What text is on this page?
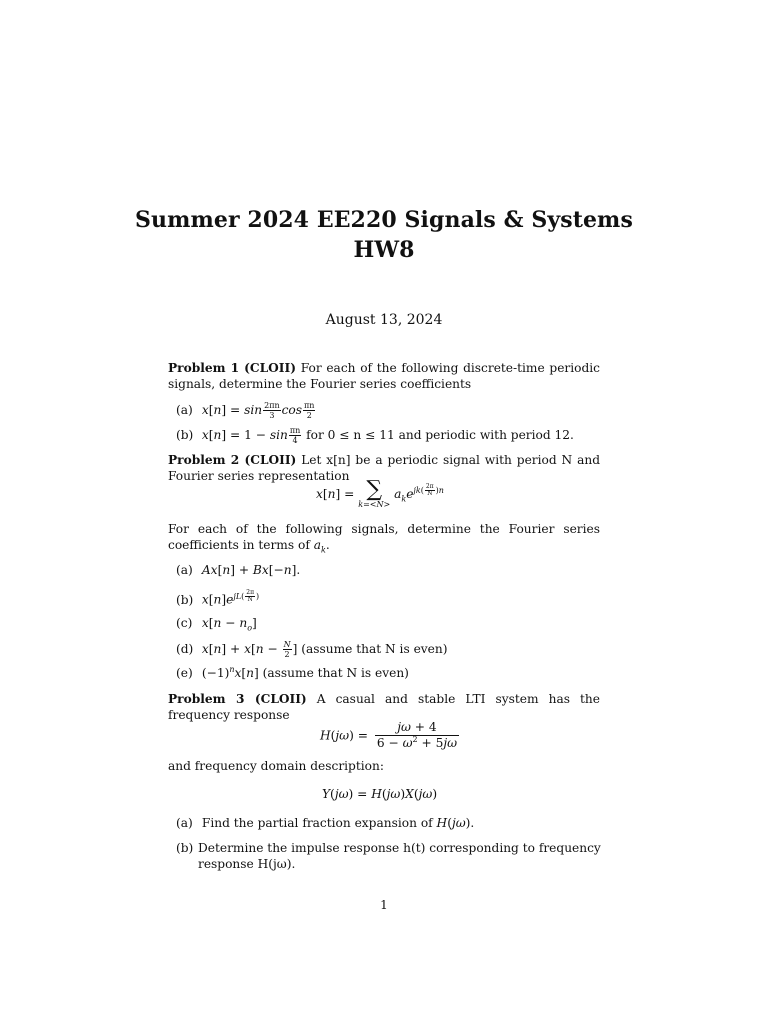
Summer 2024 EE220 Signals & Systems
HW8
August 13, 2024
Problem 1 (CLOII) For each of the following discrete-time periodic signals, determine the Fourier series coefficients
(a) $x[n] = \sin \frac{2\pi n}{3}$ $\cos \frac{\pi n}{2}$
(b) $x[n] = 1 - \sin \frac{\pi n}{4}$ for 0 ≤ n ≤ 11 and periodic with period 12.
Problem 2 (CLOII) Let x[n] be a periodic signal with period N and Fourier series representation
x[n] = ∑
k=<N>
$a_ke^{jk( \frac{2\pi}{N} )n}$
For each of the following signals, determine the Fourier series coefficients in terms of $a_k$.
(a) Ax[n] + Bx[−n].
(b) $x[n]e^{jL( \frac{2\pi}{N} )}$
(c) $x[n - n_o]$
(d) $x[n] + x[n - \frac{N}{2}$ ] (assume that N is even)
(e) $(-1)^nx[n]$ (assume that N is even)
Problem 3 (CLOII) A casual and stable LTI system has the frequency response
$H(j\omega) = \frac{j\omega + 4}{6 - \omega^2 + 5j\omega}$
and frequency domain description:
Y(jω) = H(jω)X(jω)
(a) Find the partial fraction expansion of H(jω).
(b) Determine the impulse response h(t) corresponding to frequency response H(jω).
1
